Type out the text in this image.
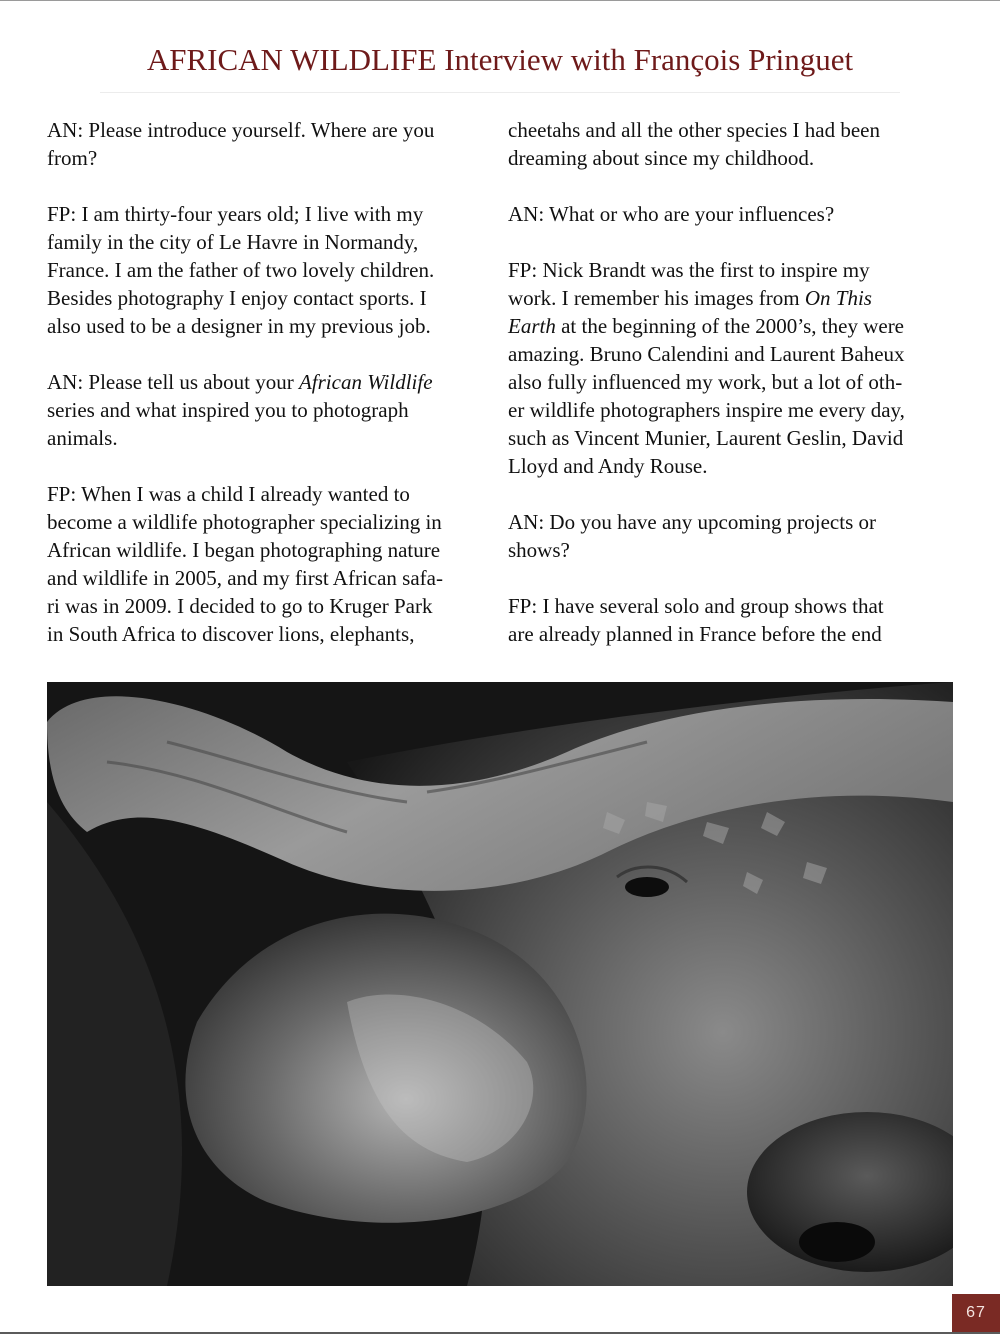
AFRICAN WILDLIFE Interview with François Pringuet

AN: Please introduce yourself. Where are you
from?

FP: I am thirty-four years old; I live with my
family in the city of Le Havre in Normandy,
France. I am the father of two lovely children.
Besides photography I enjoy contact sports. I
also used to be a designer in my previous job.

AN: Please tell us about your African Wildlife
series and what inspired you to photograph
animals.

FP: When I was a child I already wanted to
become a wildlife photographer specializing in
African wildlife. I began photographing nature
and wildlife in 2005, and my first African safa-
ri was in 2009. I decided to go to Kruger Park
in South Africa to discover lions, elephants,

cheetahs and all the other species I had been
dreaming about since my childhood.

AN: What or who are your influences?

FP: Nick Brandt was the first to inspire my
work. I remember his images from On This
Earth at the beginning of the 2000’s, they were
amazing. Bruno Calendini and Laurent Baheux
also fully influenced my work, but a lot of oth-
er wildlife photographers inspire me every day,
such as Vincent Munier, Laurent Geslin, David
Lloyd and Andy Rouse.

AN: Do you have any upcoming projects or
shows?

FP: I have several solo and group shows that
are already planned in France before the end

67
